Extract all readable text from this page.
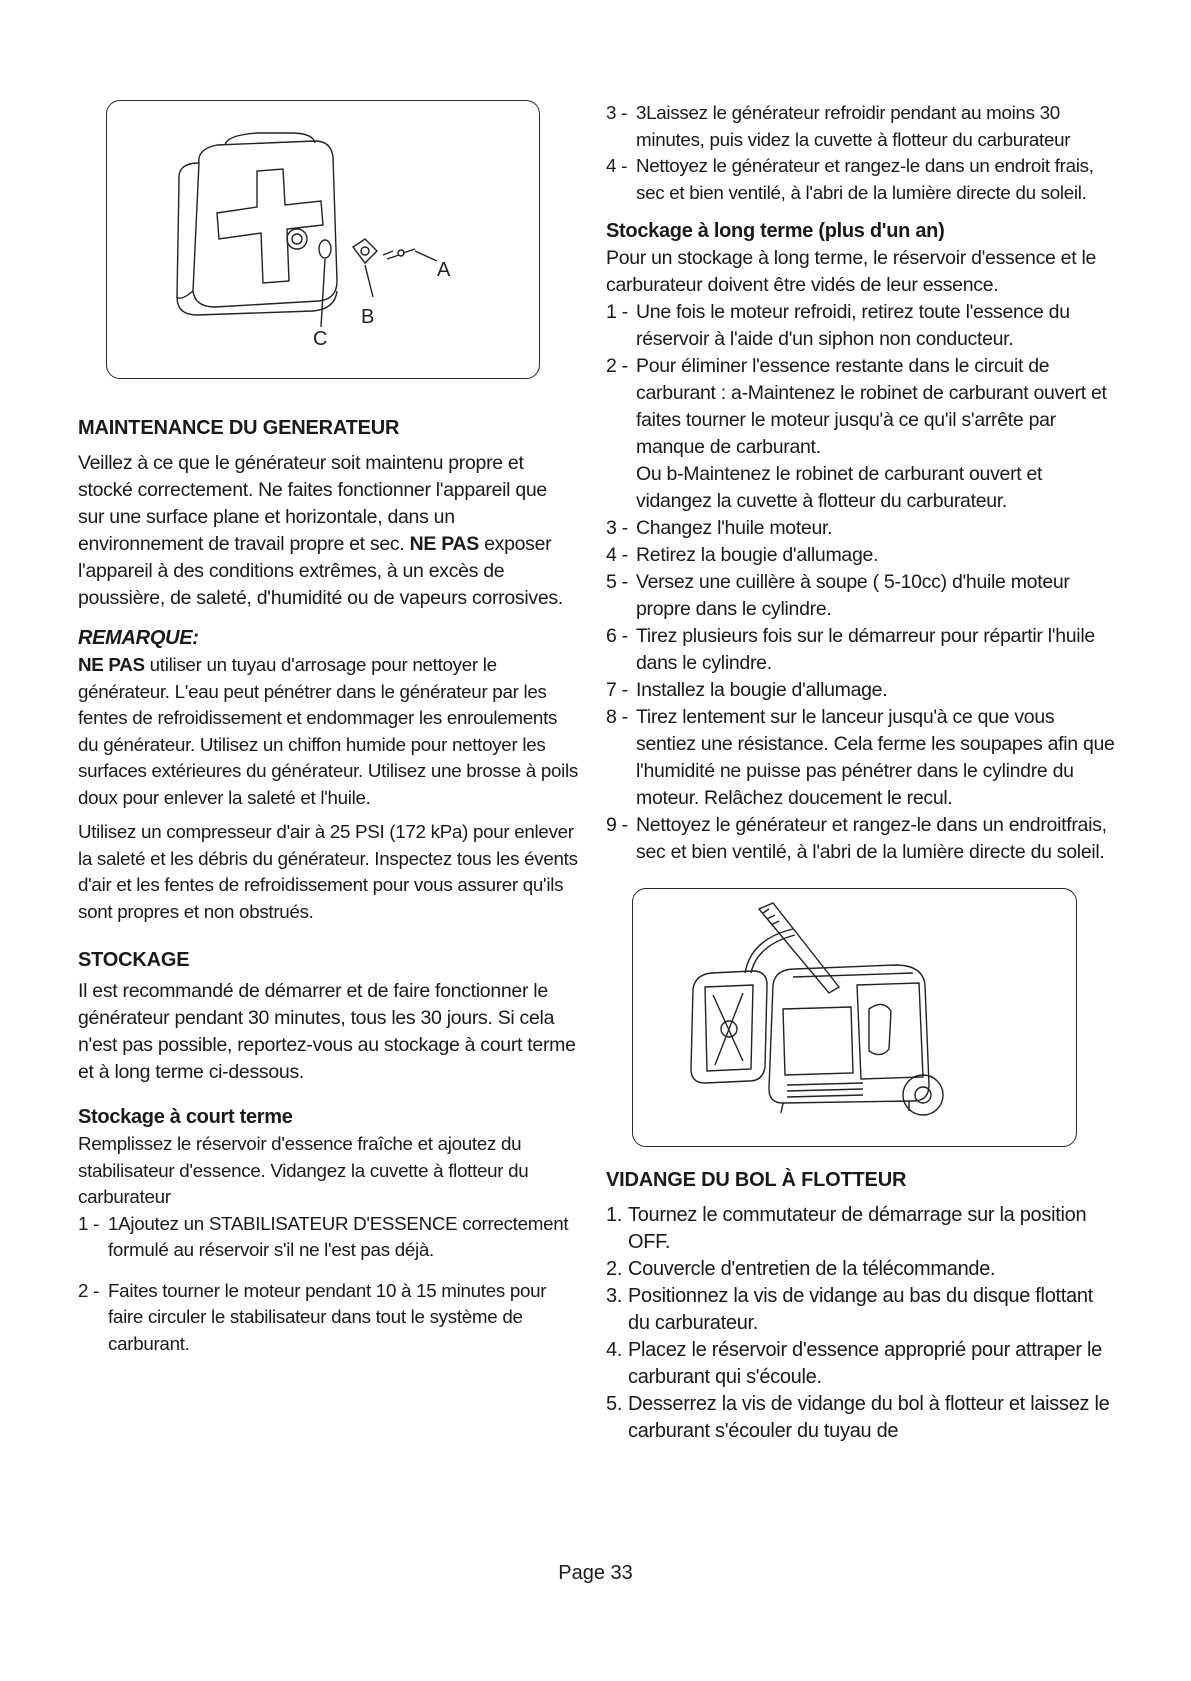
A
B
C
MAINTENANCE DU GENERATEUR

Veillez à ce que le générateur soit maintenu propre et stocké correctement. Ne faites fonctionner l'appareil que sur une surface plane et horizontale, dans un environnement de travail propre et sec. NE PAS exposer l'appareil à des conditions extrêmes, à un excès de poussière, de saleté, d'humidité ou de vapeurs corrosives.

REMARQUE:

NE PAS utiliser un tuyau d'arrosage pour nettoyer le générateur. L'eau peut pénétrer dans le générateur par les fentes de refroidissement et endommager les enroulements du générateur. Utilisez un chiffon humide pour nettoyer les surfaces extérieures du générateur. Utilisez une brosse à poils doux pour enlever la saleté et l'huile.

Utilisez un compresseur d'air à 25 PSI (172 kPa) pour enlever la saleté et les débris du générateur. Inspectez tous les évents d'air et les fentes de refroidissement pour vous assurer qu'ils sont propres et non obstrués.

STOCKAGE

Il est recommandé de démarrer et de faire fonctionner le générateur pendant 30 minutes, tous les 30 jours. Si cela n'est pas possible, reportez-vous au stockage à court terme et à long terme ci-dessous.

Stockage à court terme

Remplissez le réservoir d'essence fraîche et ajoutez du stabilisateur d'essence. Vidangez la cuvette à flotteur du carburateur

1 - 1Ajoutez un STABILISATEUR D'ESSENCE correctement formulé au réservoir s'il ne l'est pas déjà.
2 - Faites tourner le moteur pendant 10 à 15 minutes pour faire circuler le stabilisateur dans tout le système de carburant.
3 - 3Laissez le générateur refroidir pendant au moins 30 minutes, puis videz la cuvette à flotteur du carburateur
4 - Nettoyez le générateur et rangez-le dans un endroit frais, sec et bien ventilé, à l'abri de la lumière directe du soleil.
Stockage à long terme (plus d'un an)

Pour un stockage à long terme, le réservoir d'essence et le carburateur doivent être vidés de leur essence.

1 - Une fois le moteur refroidi, retirez toute l'essence du réservoir à l'aide d'un siphon non conducteur.
2 - Pour éliminer l'essence restante dans le circuit de carburant : a-Maintenez le robinet de carburant ouvert et faites tourner le moteur jusqu'à ce qu'il s'arrête par manque de carburant.
Ou b-Maintenez le robinet de carburant ouvert et vidangez la cuvette à flotteur du carburateur.
3 - Changez l'huile moteur.
4 - Retirez la bougie d'allumage.
5 - Versez une cuillère à soupe ( 5-10cc) d'huile moteur propre dans le cylindre.
6 - Tirez plusieurs fois sur le démarreur pour répartir l'huile dans le cylindre.
7 - Installez la bougie d'allumage.
8 - Tirez lentement sur le lanceur jusqu'à ce que vous sentiez une résistance. Cela ferme les soupapes afin que l'humidité ne puisse pas pénétrer dans le cylindre du moteur. Relâchez doucement le recul.
9 - Nettoyez le générateur et rangez-le dans un endroitfrais, sec et bien ventilé, à l'abri de la lumière directe du soleil.
VIDANGE DU BOL À FLOTTEUR
1. Tournez le commutateur de démarrage sur la position OFF.
2. Couvercle d'entretien de la télécommande.
3. Positionnez la vis de vidange au bas du disque flottant du carburateur.
4. Placez le réservoir d'essence approprié pour attraper le carburant qui s'écoule.
5. Desserrez la vis de vidange du bol à flotteur et laissez le carburant s'écouler du tuyau de
Page 33
